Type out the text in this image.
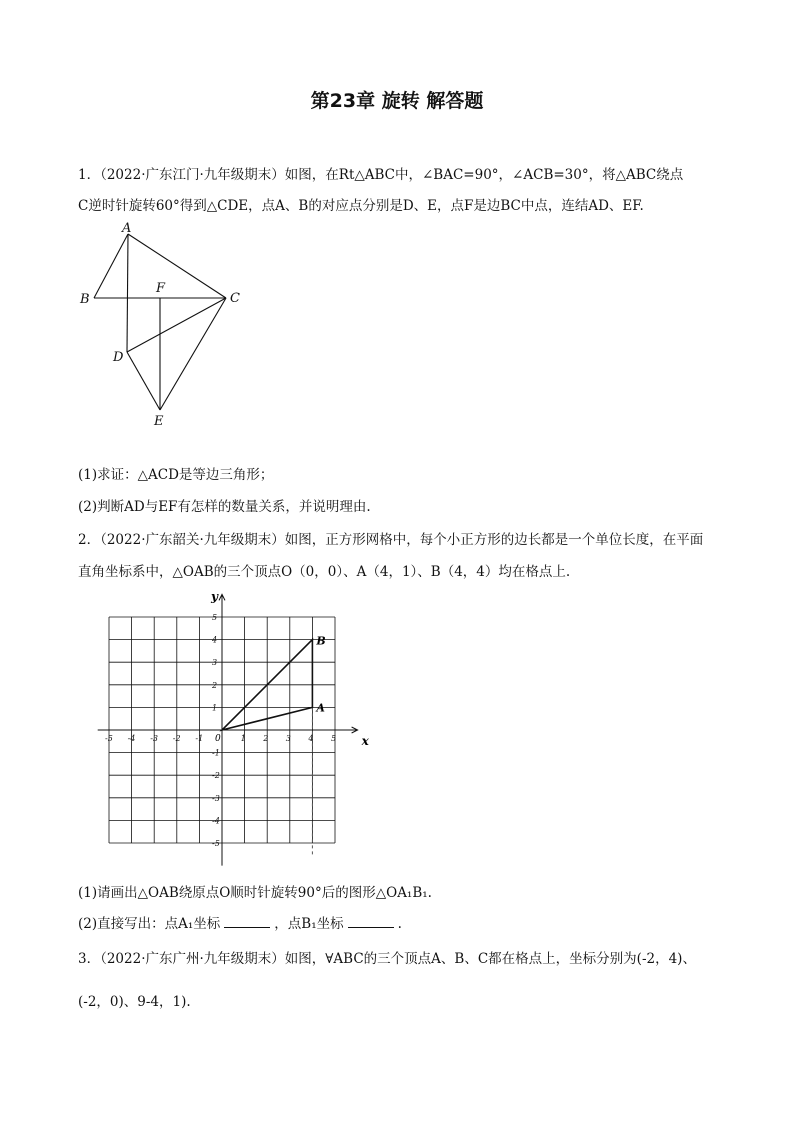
第23章 旋转 解答题
1．（2022·广东江门·九年级期末）如图，在Rt△ABC中，∠BAC=90°，∠ACB=30°，将△ABC绕点
C逆时针旋转60°得到△CDE，点A、B的对应点分别是D、E，点F是边BC中点，连结AD、EF.
A
B
F
C
D
E
(1)求证：△ACD是等边三角形；
(2)判断AD与EF有怎样的数量关系，并说明理由.
2．（2022·广东韶关·九年级期末）如图，正方形网格中，每个小正方形的边长都是一个单位长度，在平面
直角坐标系中，△OAB的三个顶点O（0，0）、A（4，1）、B（4，4）均在格点上.
-5 -4 -3 -2 -1	1 2 3 4 5
5
4
3
2
1
-1
-2
-3
-4
-5
x
y
0
A
B
(1)请画出△OAB绕原点O顺时针旋转90°后的图形△OA₁B₁.
(2)直接写出：点A₁坐标	，点B₁坐标	.
3．（2022·广东广州·九年级期末）如图，∀ABC的三个顶点A、B、C都在格点上，坐标分别为(-2，4)、
(-2，0)、9-4，1).
